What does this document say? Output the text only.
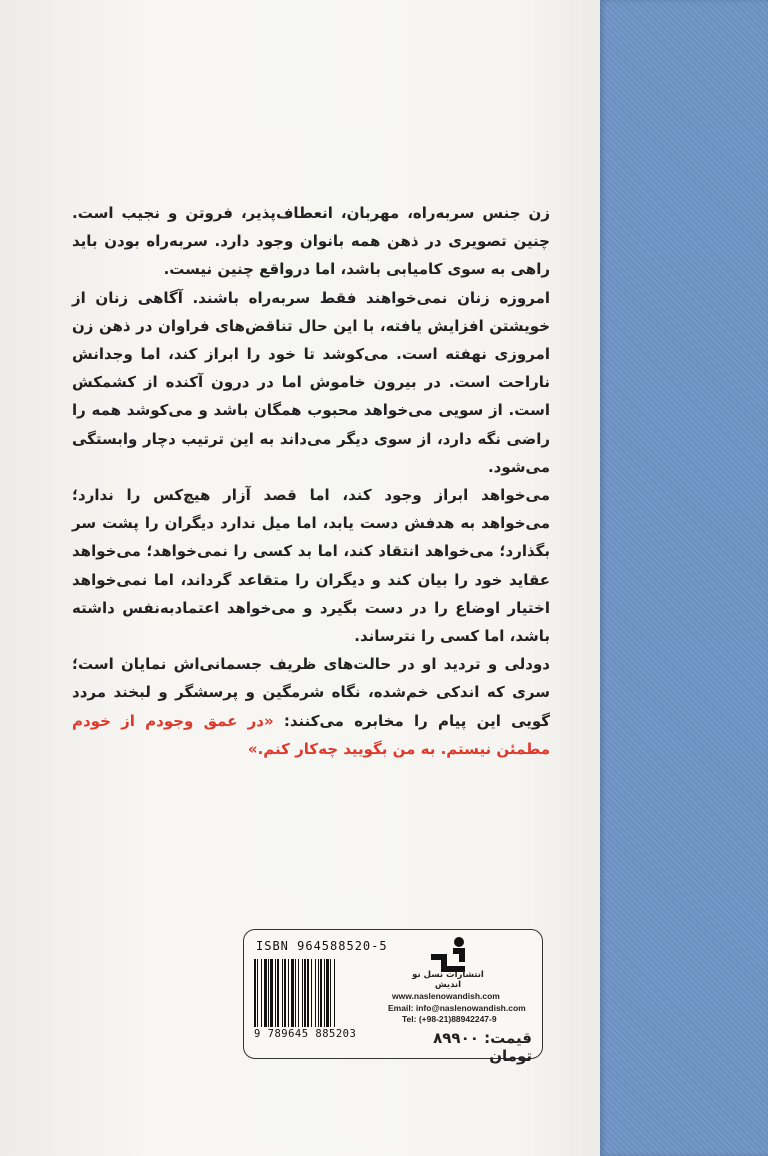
زن جنس سربه‌راه، مهربان، انعطاف‌پذیر، فروتن و نجیب است. چنین تصویری در ذهن همه بانوان وجود دارد. سربه‌راه بودن باید راهی به سوی کامیابی باشد، اما درواقع چنین نیست.

امروزه زنان نمی‌خواهند فقط سربه‌راه باشند. آگاهی زنان از خویشتن افزایش یافته، با این حال تناقض‌های فراوان در ذهن زن امروزی نهفته است. می‌کوشد تا خود را ابراز کند، اما وجدانش ناراحت است. در بیرون خاموش اما در درون آکنده از کشمکش است. از سویی می‌خواهد محبوب همگان باشد و می‌کوشد همه را راضی نگه دارد، از سوی دیگر می‌داند به این ترتیب دچار وابستگی می‌شود.

می‌خواهد ابراز وجود کند، اما قصد آزار هیچ‌کس را ندارد؛ می‌خواهد به هدفش دست یابد، اما میل ندارد دیگران را پشت سر بگذارد؛ می‌خواهد انتقاد کند، اما بد کسی را نمی‌خواهد؛ می‌خواهد عقاید خود را بیان کند و دیگران را متقاعد گرداند، اما نمی‌خواهد اختیار اوضاع را در دست بگیرد و می‌خواهد اعتمادبه‌نفس داشته باشد، اما کسی را نترساند.

دودلی و تردید او در حالت‌های ظریف جسمانی‌اش نمایان است؛ سری که اندکی خم‌شده، نگاه شرمگین و پرسشگر و لبخند مردد گویی این پیام را مخابره می‌کنند: «در عمق وجودم از خودم مطمئن نیستم. به من بگویید چه‌کار کنم.»

ISBN 964588520-5
9 789645 885203
انتشارات نسل نو اندیش
www.naslenowandish.com
Email: info@naslenowandish.com
Tel: (+98-21)88942247-9
قیمت: ۸۹۹۰۰ تومان
